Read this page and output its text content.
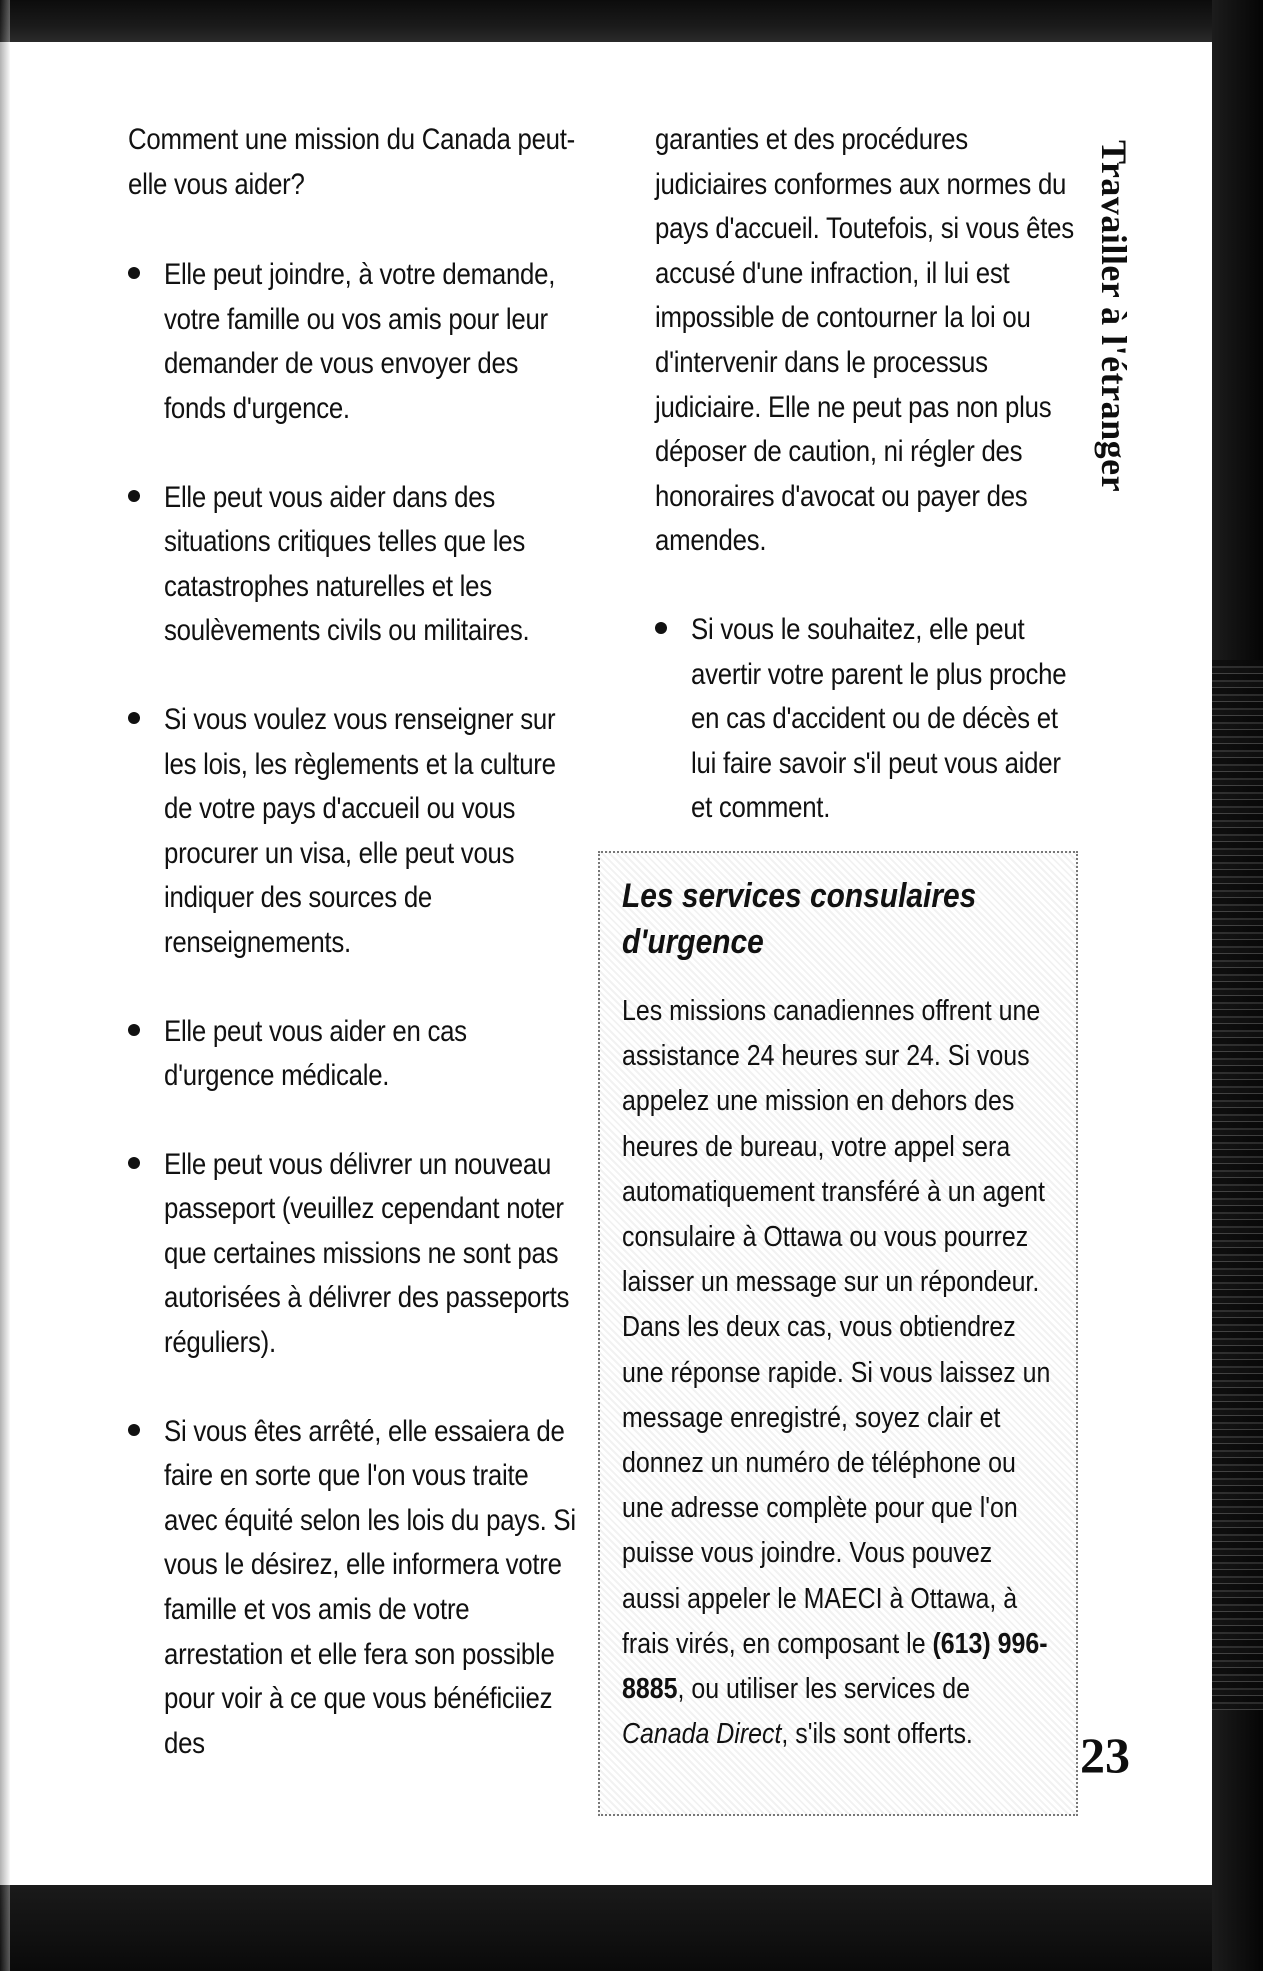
Comment une mission du Canada peut-elle vous aider?

Elle peut joindre, à votre demande, votre famille ou vos amis pour leur demander de vous envoyer des fonds d'urgence.
Elle peut vous aider dans des situations critiques telles que les catastrophes naturelles et les soulèvements civils ou militaires.
Si vous voulez vous renseigner sur les lois, les règlements et la culture de votre pays d'accueil ou vous procurer un visa, elle peut vous indiquer des sources de renseignements.
Elle peut vous aider en cas d'urgence médicale.
Elle peut vous délivrer un nouveau passeport (veuillez cependant noter que certaines missions ne sont pas autorisées à délivrer des passeports réguliers).
Si vous êtes arrêté, elle essaiera de faire en sorte que l'on vous traite avec équité selon les lois du pays. Si vous le désirez, elle informera votre famille et vos amis de votre arrestation et elle fera son possible pour voir à ce que vous bénéficiiez des

garanties et des procédures judiciaires conformes aux normes du pays d'accueil. Toutefois, si vous êtes accusé d'une infraction, il lui est impossible de contourner la loi ou d'intervenir dans le processus judiciaire. Elle ne peut pas non plus déposer de caution, ni régler des honoraires d'avocat ou payer des amendes.

Si vous le souhaitez, elle peut avertir votre parent le plus proche en cas d'accident ou de décès et lui faire savoir s'il peut vous aider et comment.

Les services consulaires d'urgence

Les missions canadiennes offrent une assistance 24 heures sur 24. Si vous appelez une mission en dehors des heures de bureau, votre appel sera automatiquement transféré à un agent consulaire à Ottawa ou vous pourrez laisser un message sur un répondeur. Dans les deux cas, vous obtiendrez une réponse rapide. Si vous laissez un message enregistré, soyez clair et donnez un numéro de téléphone ou une adresse complète pour que l'on puisse vous joindre. Vous pouvez aussi appeler le MAECI à Ottawa, à frais virés, en composant le (613) 996-8885, ou utiliser les services de Canada Direct, s'ils sont offerts.

Travailler à l'étranger
23
